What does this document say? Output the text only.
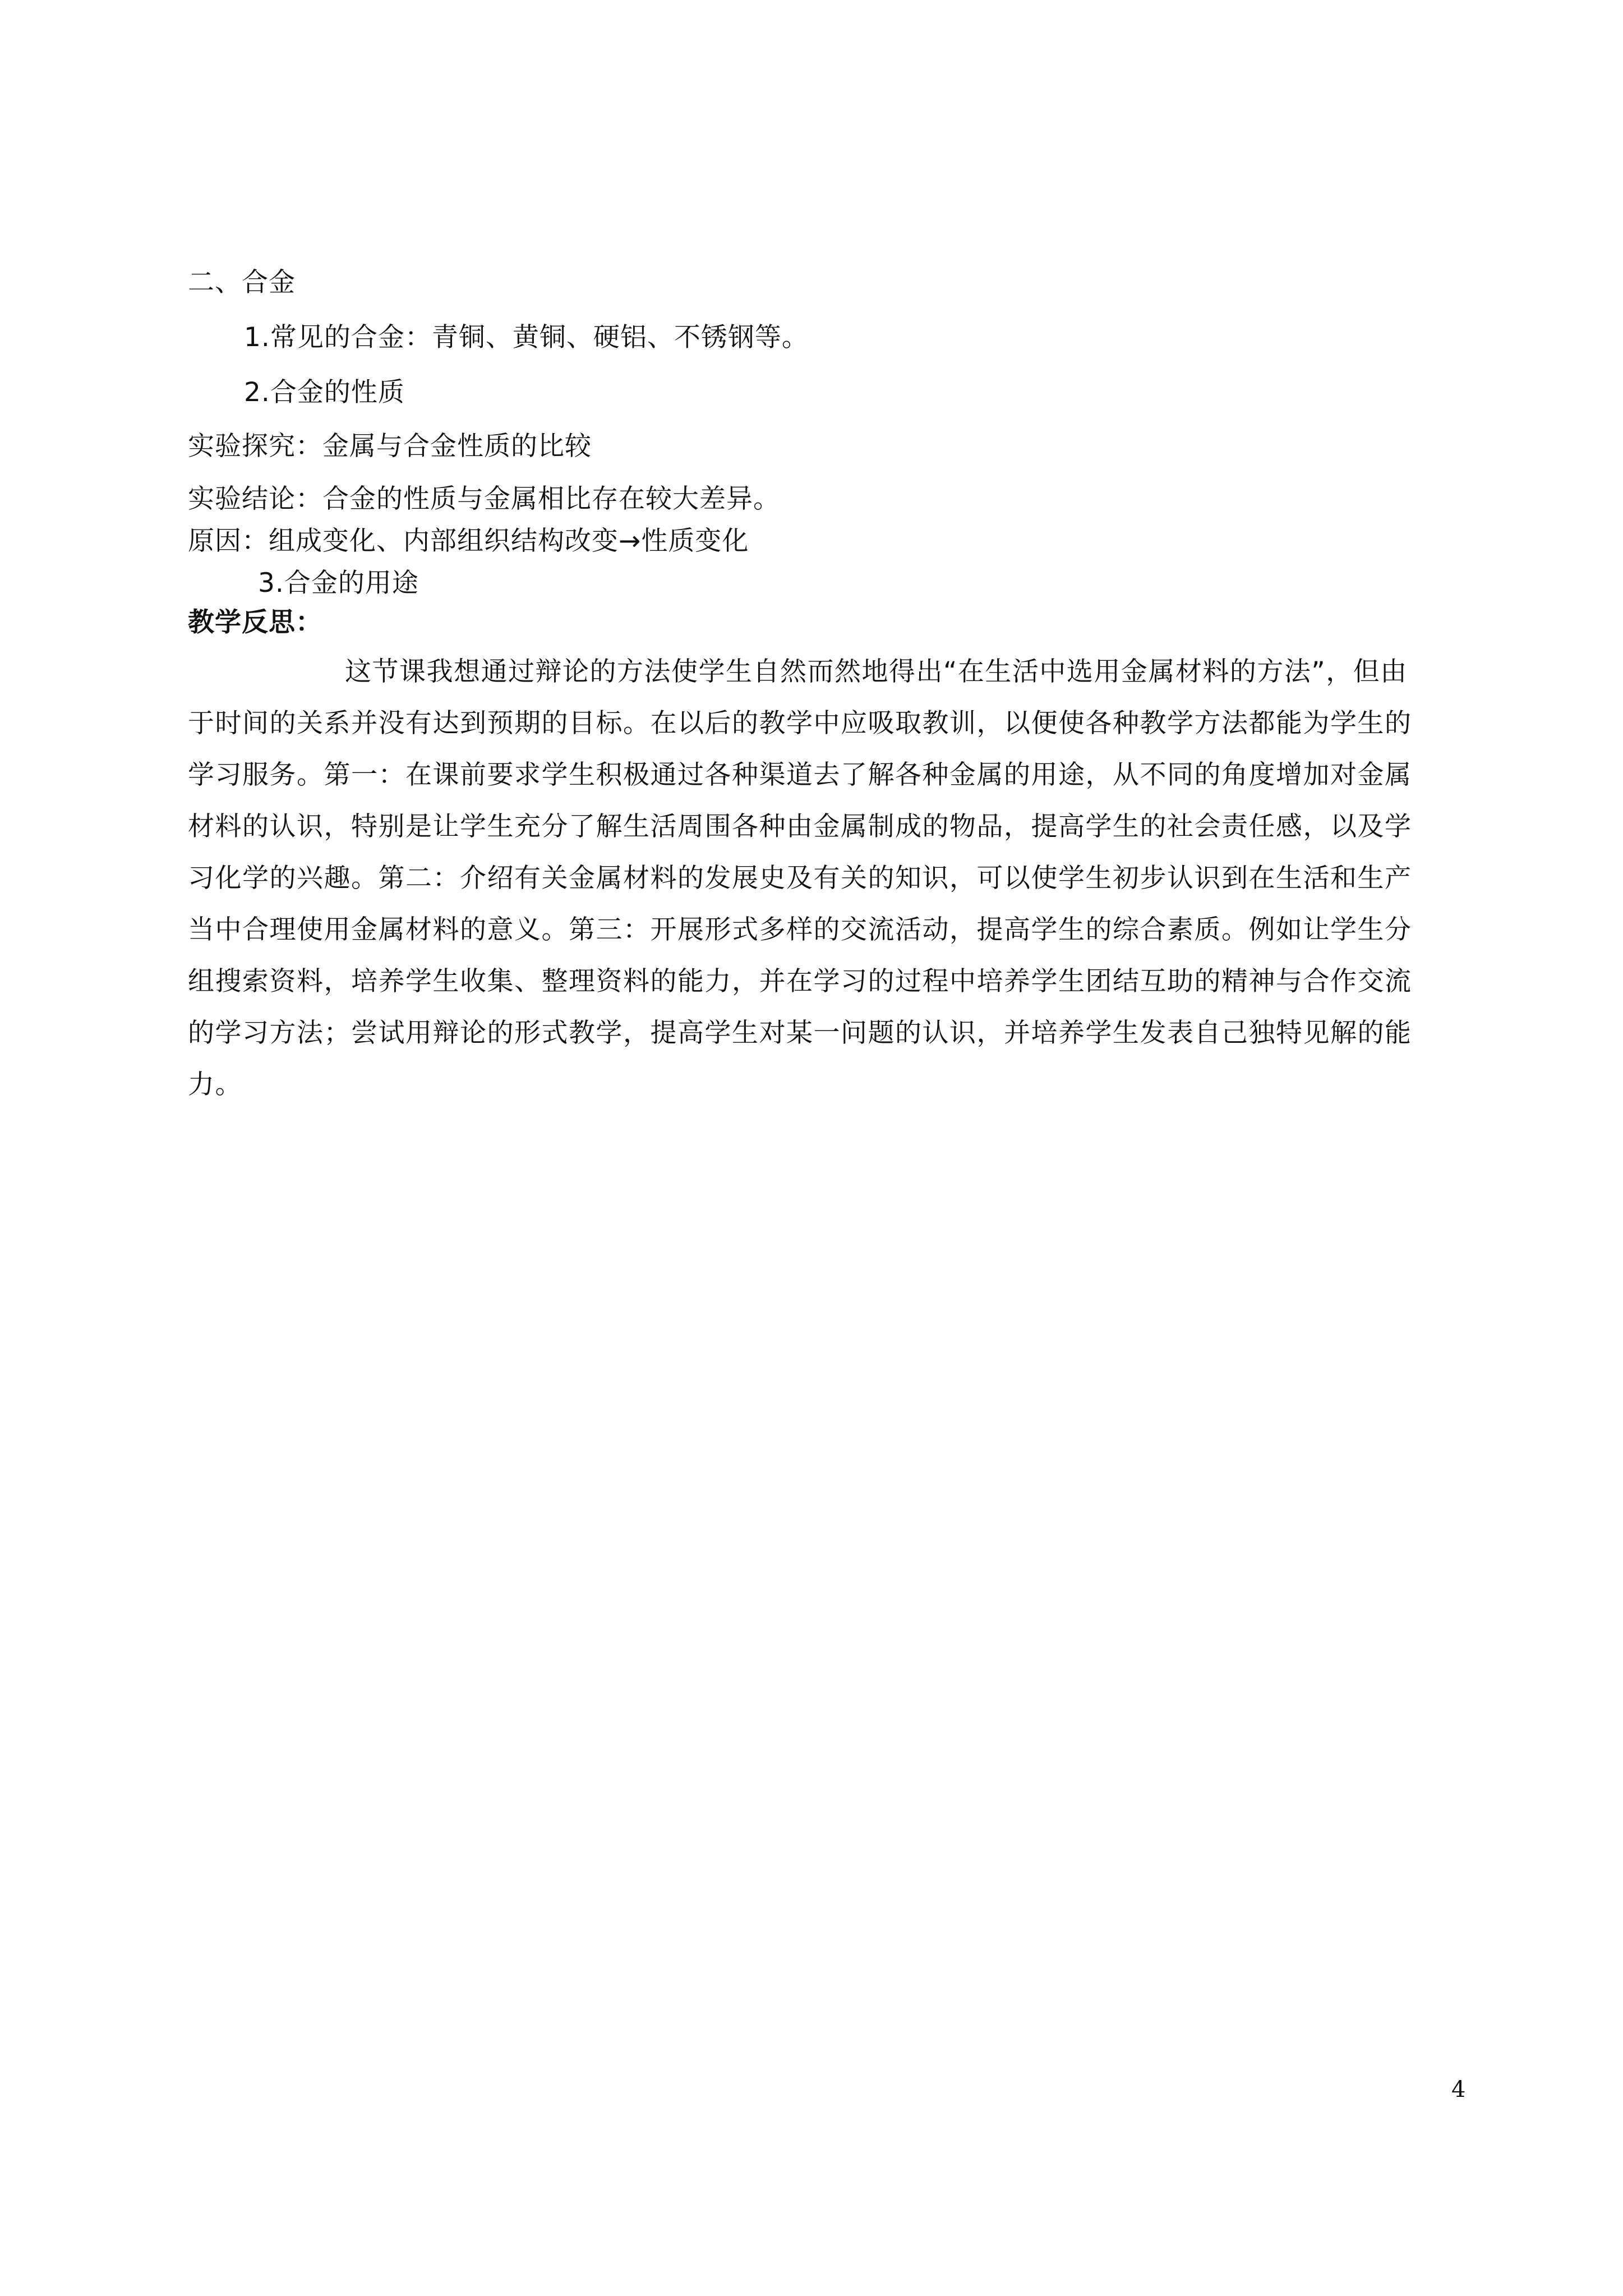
二、合金
1.常见的合金：青铜、黄铜、硬铝、不锈钢等。
2.合金的性质
实验探究：金属与合金性质的比较
实验结论：合金的性质与金属相比存在较大差异。
原因：组成变化、内部组织结构改变→性质变化
3.合金的用途
教学反思：
这节课我想通过辩论的方法使学生自然而然地得出“在生活中选用金属材料的方法”，但由
于时间的关系并没有达到预期的目标。在以后的教学中应吸取教训，以便使各种教学方法都能为学生的
学习服务。第一：在课前要求学生积极通过各种渠道去了解各种金属的用途，从不同的角度增加对金属
材料的认识，特别是让学生充分了解生活周围各种由金属制成的物品，提高学生的社会责任感，以及学
习化学的兴趣。第二：介绍有关金属材料的发展史及有关的知识，可以使学生初步认识到在生活和生产
当中合理使用金属材料的意义。第三：开展形式多样的交流活动，提高学生的综合素质。例如让学生分
组搜索资料，培养学生收集、整理资料的能力，并在学习的过程中培养学生团结互助的精神与合作交流
的学习方法；尝试用辩论的形式教学，提高学生对某一问题的认识，并培养学生发表自己独特见解的能
力。
4
